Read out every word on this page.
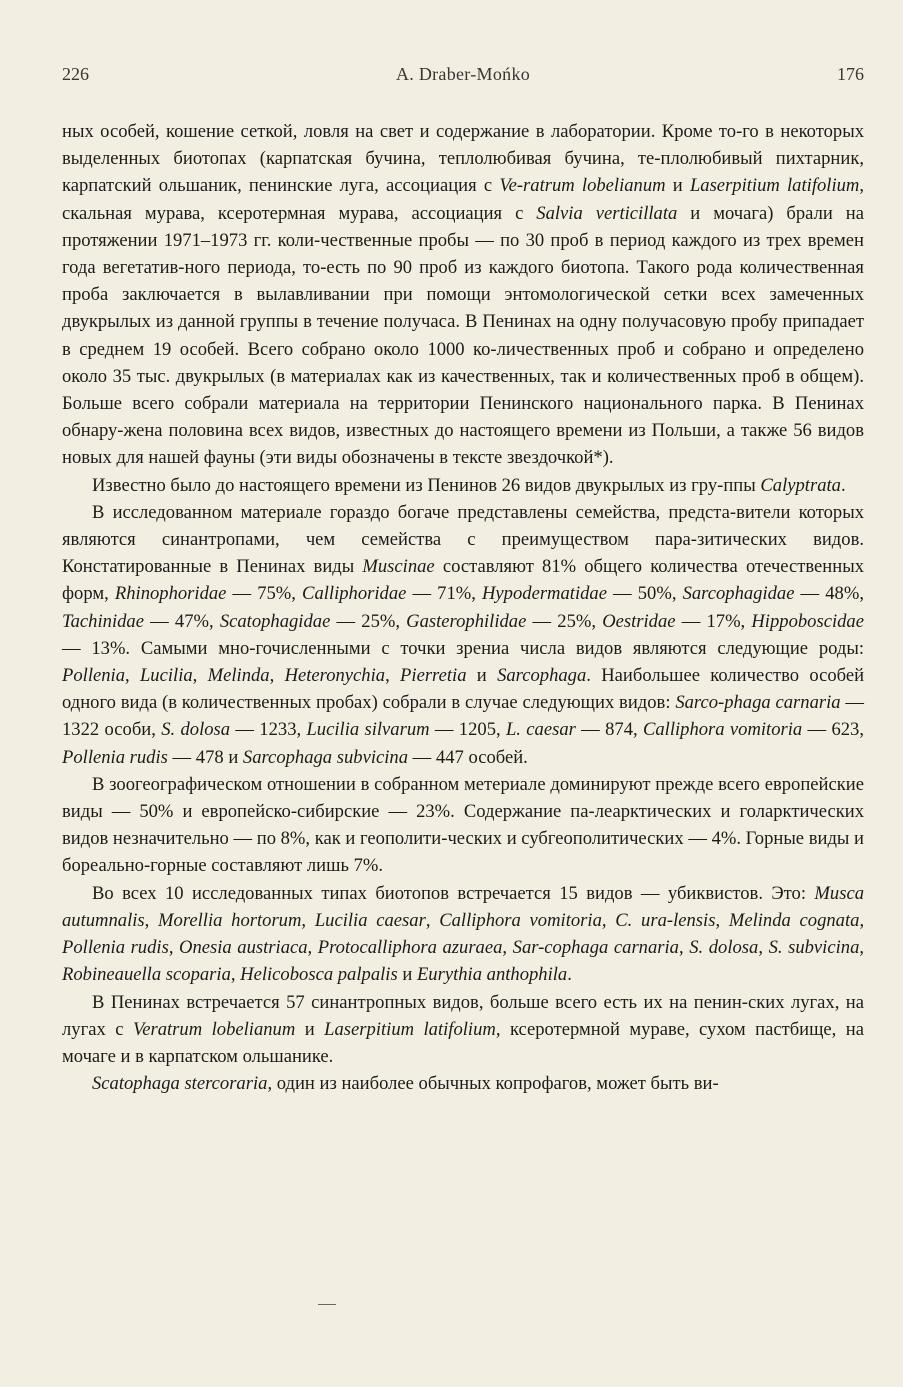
226	A. Draber-Mońko	176

ных особей, кошение сеткой, ловля на свет и содержание в лаборатории. Кроме то-го в некоторых выделенных биотопах (карпатская бучина, теплолюбивая бучина, те-плолюбивый пихтарник, карпатский ольшаник, пенинские луга, ассоциация с Ve-ratrum lobelianum и Laserpitium latifolium, скальная мурава, ксеротермная мурава, ассоциация с Salvia verticillata и мочага) брали на протяжении 1971–1973 гг. коли-чественные пробы — по 30 проб в период каждого из трех времен года вегетатив-ного периода, то-есть по 90 проб из каждого биотопа. Такого рода количественная проба заключается в вылавливании при помощи энтомологической сетки всех замеченных двукрылых из данной группы в течение получаса. В Пенинах на одну получасовую пробу припадает в среднем 19 особей. Всего собрано около 1000 ко-личественных проб и собрано и определено около 35 тыс. двукрылых (в материалах как из качественных, так и количественных проб в общем). Больше всего собрали материала на территории Пенинского национального парка. В Пенинах обнару-жена половина всех видов, известных до настоящего времени из Польши, а также 56 видов новых для нашей фауны (эти виды обозначены в тексте звездочкой*).

Известно было до настоящего времени из Пенинов 26 видов двукрылых из гру-ппы Calyptrata.

В исследованном материале гораздо богаче представлены семейства, предста-вители которых являются синантропами, чем семейства с преимуществом пара-зитических видов. Констатированные в Пенинах виды Muscinae составляют 81% общего количества отечественных форм, Rhinophoridae — 75%, Calliphoridae — 71%, Hypodermatidae — 50%, Sarcophagidae — 48%, Tachinidae — 47%, Scatophagidae — 25%, Gasterophilidae — 25%, Oestridae — 17%, Hippoboscidae — 13%. Самыми мно-гочисленными с точки зрениа числа видов являются следующие роды: Pollenia, Lucilia, Melinda, Heteronychia, Pierretia и Sarcophaga. Наибольшее количество особей одного вида (в количественных пробах) собрали в случае следующих видов: Sarco-phaga carnaria — 1322 особи, S. dolosa — 1233, Lucilia silvarum — 1205, L. caesar — 874, Calliphora vomitoria — 623, Pollenia rudis — 478 и Sarcophaga subvicina — 447 особей.

В зоогеографическом отношении в собранном метериале доминируют прежде всего европейские виды — 50% и европейско-сибирские — 23%. Содержание па-леарктических и голарктических видов незначительно — по 8%, как и геополити-ческих и субгеополитических — 4%. Горные виды и бореально-горные составляют лишь 7%.

Во всех 10 исследованных типах биотопов встречается 15 видов — убиквистов. Это: Musca autumnalis, Morellia hortorum, Lucilia caesar, Calliphora vomitoria, C. ura-lensis, Melinda cognata, Pollenia rudis, Onesia austriaca, Protocalliphora azuraea, Sar-cophaga carnaria, S. dolosa, S. subvicina, Robineauella scoparia, Helicobosca palpalis и Eurythia anthophila.

В Пенинах встречается 57 синантропных видов, больше всего есть их на пенин-ских лугах, на лугах с Veratrum lobelianum и Laserpitium latifolium, ксеротермной мураве, сухом пастбище, на мочаге и в карпатском ольшанике.

Scatophaga stercoraria, один из наиболее обычных копрофагов, может быть ви-
